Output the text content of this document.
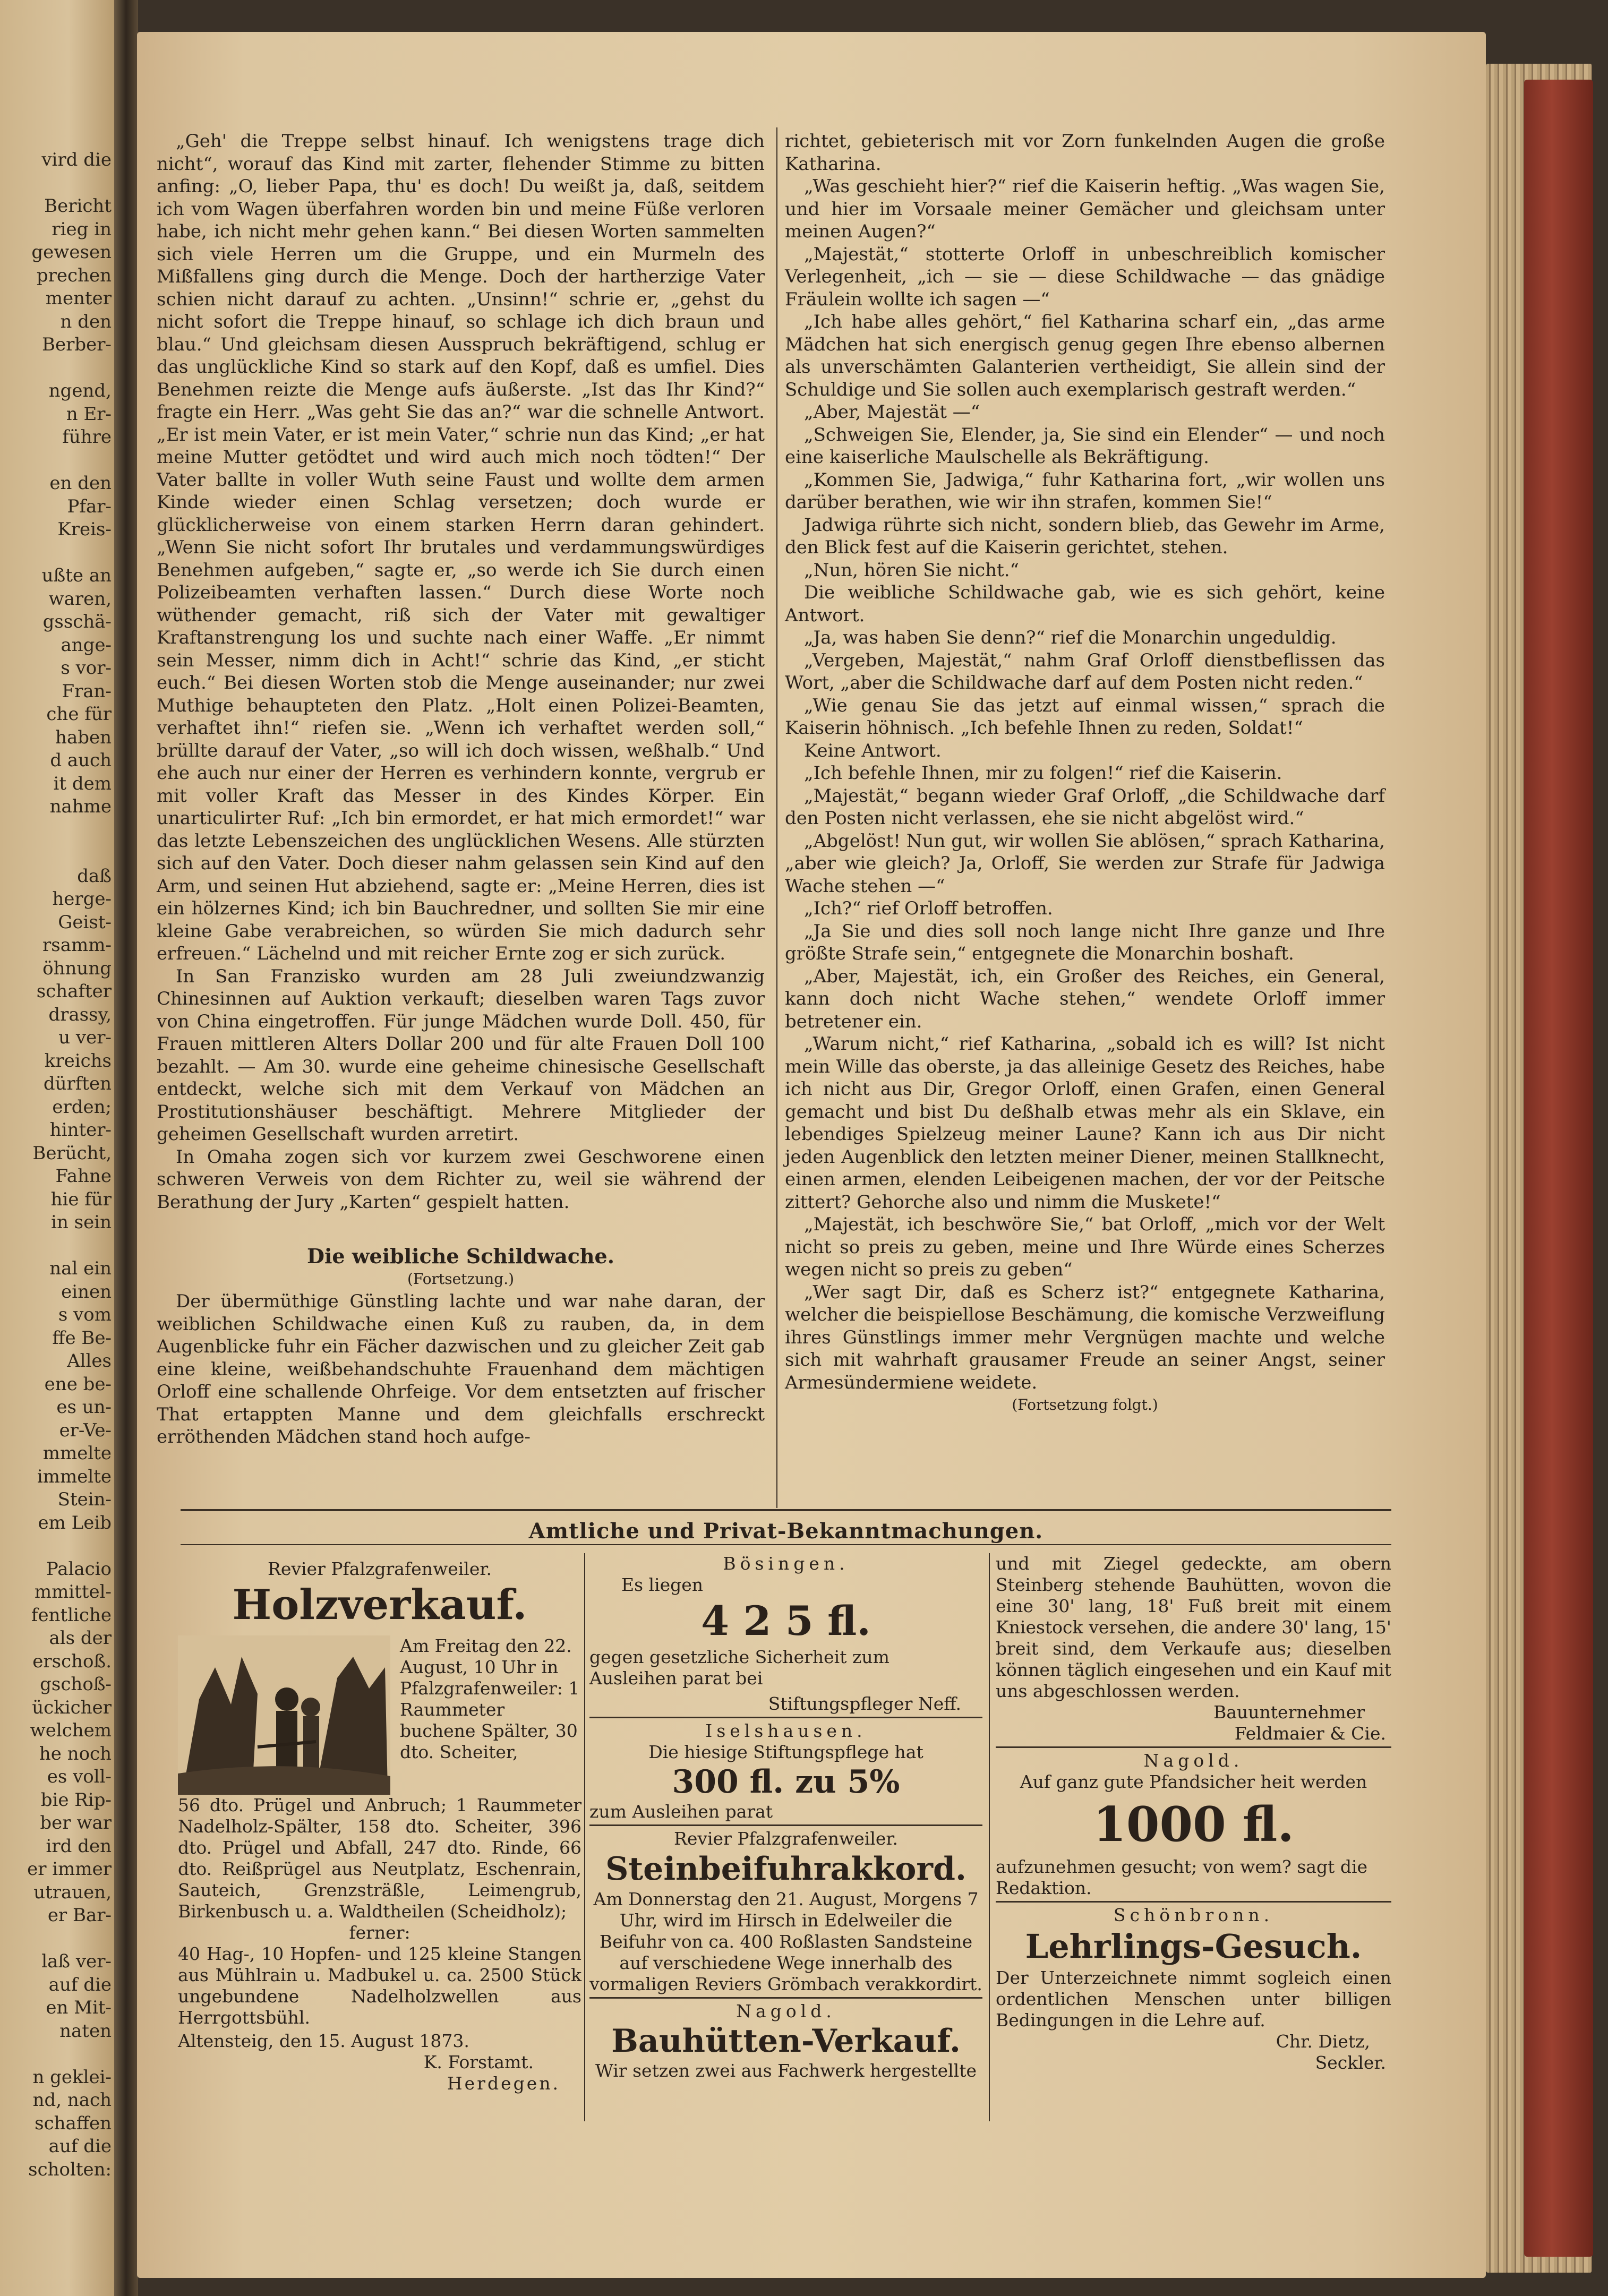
vird die

Bericht
rieg in
gewesen
prechen
menter
n den
Berber-

ngend,
n Er-
führe

en den
Pfar-
Kreis-

ußte an
waren,
gsschä-
ange-
s vor-
Fran-
che für
haben
d auch
it dem
nahme

daß
herge-
Geist-
rsamm-
öhnung
schafter
drassy,
u ver-
kreichs
dürften
erden;
hinter-
Berücht,
Fahne
hie für
in sein

nal ein
einen
s vom
ffe Be-
Alles
ene be-
es un-
er-Ve-
mmelte
immelte
Stein-
em Leib

Palacio
mmittel-
fentliche
als der
erschoß.
gschoß-
ückicher
welchem
he noch
es voll-
bie Rip-
ber war
ird den
er immer
utrauen,
er Bar-

laß ver-
auf die
en Mit-
naten

n geklei-
nd, nach
schaffen
auf die
scholten:

„Geh' die Treppe selbst hinauf. Ich wenigstens trage dich nicht“, worauf das Kind mit zarter, flehender Stimme zu bitten anfing: „O, lieber Papa, thu' es doch! Du weißt ja, daß, seitdem ich vom Wagen überfahren worden bin und meine Füße verloren habe, ich nicht mehr gehen kann.“ Bei diesen Worten sammelten sich viele Herren um die Gruppe, und ein Murmeln des Mißfallens ging durch die Menge. Doch der hartherzige Vater schien nicht darauf zu achten. „Unsinn!“ schrie er, „gehst du nicht sofort die Treppe hinauf, so schlage ich dich braun und blau.“ Und gleichsam diesen Ausspruch bekräftigend, schlug er das unglückliche Kind so stark auf den Kopf, daß es umfiel. Dies Benehmen reizte die Menge aufs äußerste. „Ist das Ihr Kind?“ fragte ein Herr. „Was geht Sie das an?“ war die schnelle Antwort. „Er ist mein Vater, er ist mein Vater,“ schrie nun das Kind; „er hat meine Mutter getödtet und wird auch mich noch tödten!“ Der Vater ballte in voller Wuth seine Faust und wollte dem armen Kinde wieder einen Schlag versetzen; doch wurde er glücklicherweise von einem starken Herrn daran gehindert. „Wenn Sie nicht sofort Ihr brutales und verdammungswürdiges Benehmen aufgeben,“ sagte er, „so werde ich Sie durch einen Polizeibeamten verhaften lassen.“ Durch diese Worte noch wüthender gemacht, riß sich der Vater mit gewaltiger Kraftanstrengung los und suchte nach einer Waffe. „Er nimmt sein Messer, nimm dich in Acht!“ schrie das Kind, „er sticht euch.“ Bei diesen Worten stob die Menge auseinander; nur zwei Muthige behaupteten den Platz. „Holt einen Polizei-Beamten, verhaftet ihn!“ riefen sie. „Wenn ich verhaftet werden soll,“ brüllte darauf der Vater, „so will ich doch wissen, weßhalb.“ Und ehe auch nur einer der Herren es verhindern konnte, vergrub er mit voller Kraft das Messer in des Kindes Körper. Ein unarticulirter Ruf: „Ich bin ermordet, er hat mich ermordet!“ war das letzte Lebenszeichen des unglücklichen Wesens. Alle stürzten sich auf den Vater. Doch dieser nahm gelassen sein Kind auf den Arm, und seinen Hut abziehend, sagte er: „Meine Herren, dies ist ein hölzernes Kind; ich bin Bauchredner, und sollten Sie mir eine kleine Gabe verabreichen, so würden Sie mich dadurch sehr erfreuen.“ Lächelnd und mit reicher Ernte zog er sich zurück.

In San Franzisko wurden am 28 Juli zweiundzwanzig Chinesinnen auf Auktion verkauft; dieselben waren Tags zuvor von China eingetroffen. Für junge Mädchen wurde Doll. 450, für Frauen mittleren Alters Dollar 200 und für alte Frauen Doll 100 bezahlt. — Am 30. wurde eine geheime chinesische Gesellschaft entdeckt, welche sich mit dem Verkauf von Mädchen an Prostitutionshäuser beschäftigt. Mehrere Mitglieder der geheimen Gesellschaft wurden arretirt.

In Omaha zogen sich vor kurzem zwei Geschworene einen schweren Verweis von dem Richter zu, weil sie während der Berathung der Jury „Karten“ gespielt hatten.

Die weibliche Schildwache.
(Fortsetzung.)

Der übermüthige Günstling lachte und war nahe daran, der weiblichen Schildwache einen Kuß zu rauben, da, in dem Augenblicke fuhr ein Fächer dazwischen und zu gleicher Zeit gab eine kleine, weißbehandschuhte Frauenhand dem mächtigen Orloff eine schallende Ohrfeige. Vor dem entsetzten auf frischer That ertappten Manne und dem gleichfalls erschreckt erröthenden Mädchen stand hoch aufge-

richtet, gebieterisch mit vor Zorn funkelnden Augen die große Katharina.

„Was geschieht hier?“ rief die Kaiserin heftig. „Was wagen Sie, und hier im Vorsaale meiner Gemächer und gleichsam unter meinen Augen?“

„Majestät,“ stotterte Orloff in unbeschreiblich komischer Verlegenheit, „ich — sie — diese Schildwache — das gnädige Fräulein wollte ich sagen —“

„Ich habe alles gehört,“ fiel Katharina scharf ein, „das arme Mädchen hat sich energisch genug gegen Ihre ebenso albernen als unverschämten Galanterien vertheidigt, Sie allein sind der Schuldige und Sie sollen auch exemplarisch gestraft werden.“

„Aber, Majestät —“

„Schweigen Sie, Elender, ja, Sie sind ein Elender“ — und noch eine kaiserliche Maulschelle als Bekräftigung.

„Kommen Sie, Jadwiga,“ fuhr Katharina fort, „wir wollen uns darüber berathen, wie wir ihn strafen, kommen Sie!“

Jadwiga rührte sich nicht, sondern blieb, das Gewehr im Arme, den Blick fest auf die Kaiserin gerichtet, stehen.

„Nun, hören Sie nicht.“

Die weibliche Schildwache gab, wie es sich gehört, keine Antwort.

„Ja, was haben Sie denn?“ rief die Monarchin ungeduldig.

„Vergeben, Majestät,“ nahm Graf Orloff dienstbeflissen das Wort, „aber die Schildwache darf auf dem Posten nicht reden.“

„Wie genau Sie das jetzt auf einmal wissen,“ sprach die Kaiserin höhnisch. „Ich befehle Ihnen zu reden, Soldat!“

Keine Antwort.

„Ich befehle Ihnen, mir zu folgen!“ rief die Kaiserin.

„Majestät,“ begann wieder Graf Orloff, „die Schildwache darf den Posten nicht verlassen, ehe sie nicht abgelöst wird.“

„Abgelöst! Nun gut, wir wollen Sie ablösen,“ sprach Katharina, „aber wie gleich? Ja, Orloff, Sie werden zur Strafe für Jadwiga Wache stehen —“

„Ich?“ rief Orloff betroffen.

„Ja Sie und dies soll noch lange nicht Ihre ganze und Ihre größte Strafe sein,“ entgegnete die Monarchin boshaft.

„Aber, Majestät, ich, ein Großer des Reiches, ein General, kann doch nicht Wache stehen,“ wendete Orloff immer betretener ein.

„Warum nicht,“ rief Katharina, „sobald ich es will? Ist nicht mein Wille das oberste, ja das alleinige Gesetz des Reiches, habe ich nicht aus Dir, Gregor Orloff, einen Grafen, einen General gemacht und bist Du deßhalb etwas mehr als ein Sklave, ein lebendiges Spielzeug meiner Laune? Kann ich aus Dir nicht jeden Augenblick den letzten meiner Diener, meinen Stallknecht, einen armen, elenden Leibeigenen machen, der vor der Peitsche zittert? Gehorche also und nimm die Muskete!“

„Majestät, ich beschwöre Sie,“ bat Orloff, „mich vor der Welt nicht so preis zu geben, meine und Ihre Würde eines Scherzes wegen nicht so preis zu geben“

„Wer sagt Dir, daß es Scherz ist?“ entgegnete Katharina, welcher die beispiellose Beschämung, die komische Verzweiflung ihres Günstlings immer mehr Vergnügen machte und welche sich mit wahrhaft grausamer Freude an seiner Angst, seiner Armesündermiene weidete.

(Fortsetzung folgt.)
Amtliche und Privat-Bekanntmachungen.
Revier Pfalzgrafenweiler.
Holzverkauf.
Am Freitag den 22. August, 10 Uhr in Pfalzgrafenweiler: 1 Raummeter buchene Spälter, 30 dto. Scheiter,
56 dto. Prügel und Anbruch; 1 Raummeter Nadelholz-Spälter, 158 dto. Scheiter, 396 dto. Prügel und Abfall, 247 dto. Rinde, 66 dto. Reißprügel aus Neutplatz, Eschenrain, Sauteich, Grenzsträßle, Leimengrub, Birkenbusch u. a. Waldtheilen (Scheidholz);
ferner:
40 Hag-, 10 Hopfen- und 125 kleine Stangen aus Mühlrain u. Madbukel u. ca. 2500 Stück ungebundene Nadelholzwellen aus Herrgottsbühl.
Altensteig, den 15. August 1873.
K. Forstamt.
Herdegen.
Bösingen.
Es liegen
4 2 5 fl.
gegen gesetzliche Sicherheit zum Ausleihen parat bei
Stiftungspfleger Neff.
Iselshausen.
Die hiesige Stiftungspflege hat
300 fl. zu 5%
zum Ausleihen parat
Revier Pfalzgrafenweiler.
Steinbeifuhrakkord.
Am Donnerstag den 21. August, Morgens 7 Uhr, wird im Hirsch in Edelweiler die Beifuhr von ca. 400 Roßlasten Sandsteine auf verschiedene Wege innerhalb des vormaligen Reviers Grömbach verakkordirt.
Nagold.
Bauhütten-Verkauf.
Wir setzen zwei aus Fachwerk hergestellte
und mit Ziegel gedeckte, am obern Steinberg stehende Bauhütten, wovon die eine 30' lang, 18' Fuß breit mit einem Kniestock versehen, die andere 30' lang, 15' breit sind, dem Verkaufe aus; dieselben können täglich eingesehen und ein Kauf mit uns abgeschlossen werden.
Bauunternehmer
Feldmaier & Cie.
Nagold.
Auf ganz gute Pfandsicher heit werden
1000 fl.
aufzunehmen gesucht; von wem? sagt die Redaktion.
Schönbronn.
Lehrlings-Gesuch.
Der Unterzeichnete nimmt sogleich einen ordentlichen Menschen unter billigen Bedingungen in die Lehre auf.
Chr. Dietz,
Seckler.
